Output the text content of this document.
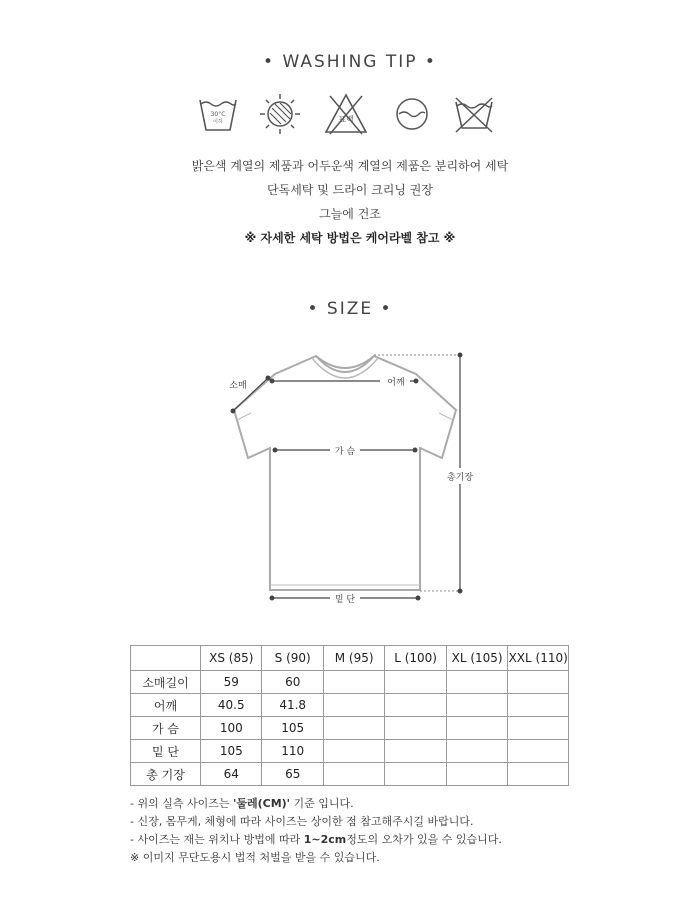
• WASHING TIP •
30°C
이하	표백
밝은색 계열의 제품과 어두운색 계열의 제품은 분리하여 세탁
단독세탁 및 드라이 크리닝 권장
그늘에 건조
※ 자세한 세탁 방법은 케어라벨 참고 ※
• SIZE •
어깨
소매
가 슴
밑 단
총기장
	XS (85)	S (90)	M (95)	L (100)	XL (105)	XXL (110)
소매길이	59	60				
어깨	40.5	41.8				
가 슴	100	105				
밑 단	105	110				
총 기장	64	65				
- 위의 실측 사이즈는 '둘레(CM)' 기준 입니다.
- 신장, 몸무게, 체형에 따라 사이즈는 상이한 점 참고해주시길 바랍니다.
- 사이즈는 재는 위치나 방법에 따라 1~2cm정도의 오차가 있을 수 있습니다.
※ 이미지 무단도용시 법적 처벌을 받을 수 있습니다.
